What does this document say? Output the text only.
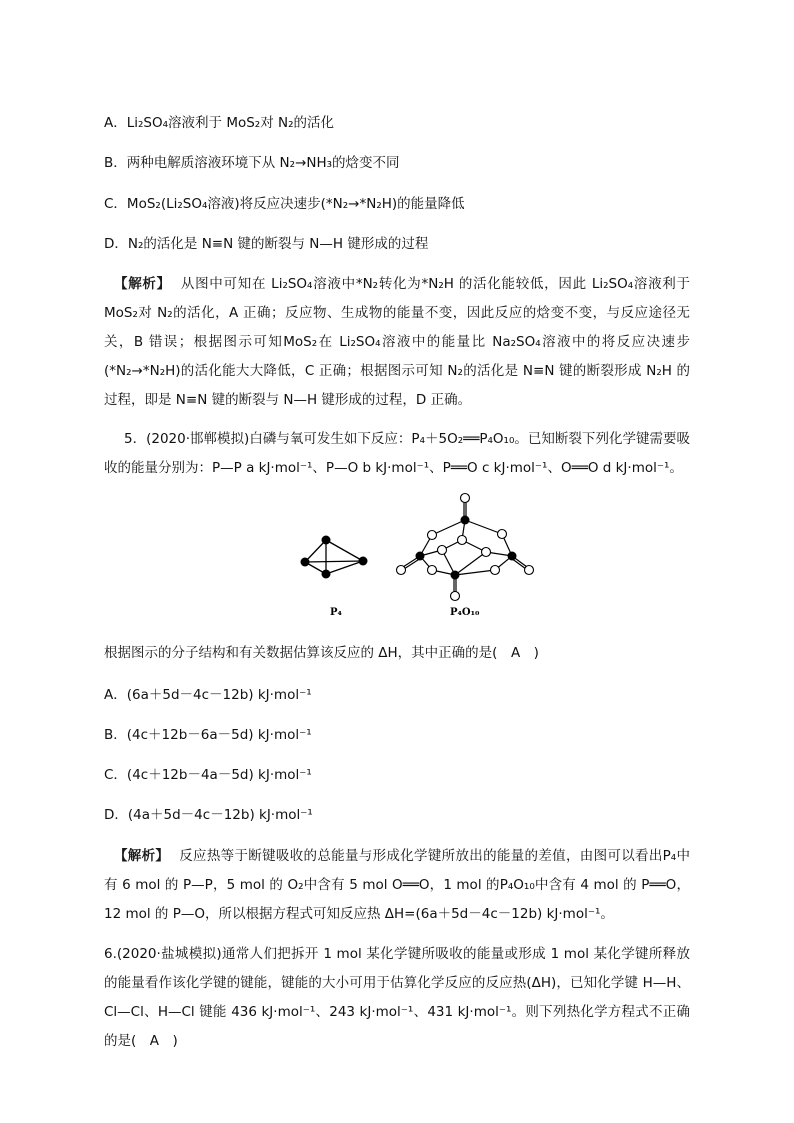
A．Li₂SO₄溶液利于 MoS₂对 N₂的活化
B．两种电解质溶液环境下从 N₂→NH₃的焓变不同
C．MoS₂(Li₂SO₄溶液)将反应决速步(*N₂→*N₂H)的能量降低
D．N₂的活化是 N≡N 键的断裂与 N—H 键形成的过程
【解析】 从图中可知在 Li₂SO₄溶液中*N₂转化为*N₂H 的活化能较低，因此 Li₂SO₄溶液利于 MoS₂对 N₂的活化，A 正确；反应物、生成物的能量不变，因此反应的焓变不变，与反应途径无关，B 错误；根据图示可知MoS₂在 Li₂SO₄溶液中的能量比 Na₂SO₄溶液中的将反应决速步(*N₂→*N₂H)的活化能大大降低，C 正确；根据图示可知 N₂的活化是 N≡N 键的断裂形成 N₂H 的过程，即是 N≡N 键的断裂与 N—H 键形成的过程，D 正确。
5．(2020·邯郸模拟)白磷与氧可发生如下反应：P₄＋5O₂══P₄O₁₀。已知断裂下列化学键需要吸收的能量分别为：P—P a kJ·mol⁻¹、P—O b kJ·mol⁻¹、P══O c kJ·mol⁻¹、O══O d kJ·mol⁻¹。
P₄	P₄O₁₀
根据图示的分子结构和有关数据估算该反应的 ΔH，其中正确的是(　A　)
A．(6a＋5d－4c－12b) kJ·mol⁻¹
B．(4c＋12b－6a－5d) kJ·mol⁻¹
C．(4c＋12b－4a－5d) kJ·mol⁻¹
D．(4a＋5d－4c－12b) kJ·mol⁻¹
【解析】 反应热等于断键吸收的总能量与形成化学键所放出的能量的差值，由图可以看出P₄中有 6 mol 的 P—P，5 mol 的 O₂中含有 5 mol O══O，1 mol 的P₄O₁₀中含有 4 mol 的 P══O，12 mol 的 P—O，所以根据方程式可知反应热 ΔH=(6a＋5d－4c－12b) kJ·mol⁻¹。
6.(2020·盐城模拟)通常人们把拆开 1 mol 某化学键所吸收的能量或形成 1 mol 某化学键所释放的能量看作该化学键的键能，键能的大小可用于估算化学反应的反应热(ΔH)，已知化学键 H—H、Cl—Cl、H—Cl 键能 436 kJ·mol⁻¹、243 kJ·mol⁻¹、431 kJ·mol⁻¹。则下列热化学方程式不正确的是(　A　)
